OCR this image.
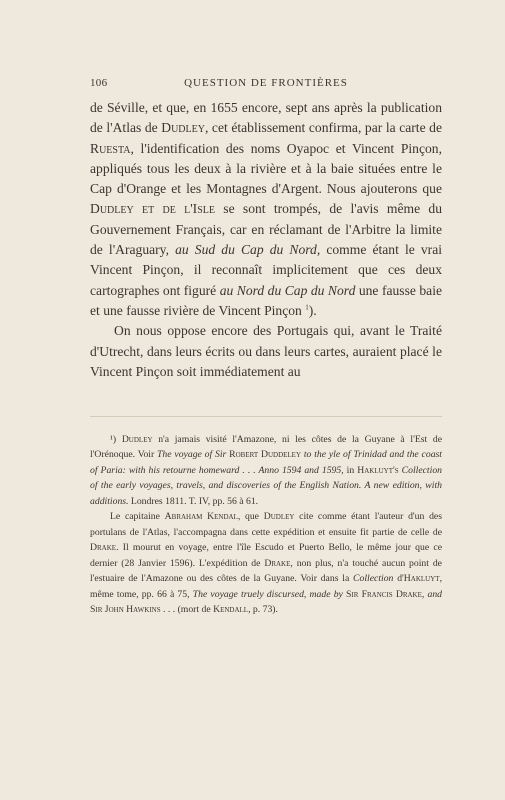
106	QUESTION DE FRONTIÈRES

de Séville, et que, en 1655 encore, sept ans après la publication de l'Atlas de Dudley, cet établissement confirma, par la carte de Ruesta, l'identification des noms Oyapoc et Vincent Pinçon, appliqués tous les deux à la rivière et à la baie situées entre le Cap d'Orange et les Montagnes d'Argent. Nous ajouterons que Dudley et de l'Isle se sont trompés, de l'avis même du Gouvernement Français, car en réclamant de l'Arbitre la limite de l'Araguary, au Sud du Cap du Nord, comme étant le vrai Vincent Pinçon, il reconnaît implicitement que ces deux cartographes ont figuré au Nord du Cap du Nord une fausse baie et une fausse rivière de Vincent Pinçon $^1$).

On nous oppose encore des Portugais qui, avant le Traité d'Utrecht, dans leurs écrits ou dans leurs cartes, auraient placé le Vincent Pinçon soit immédiatement au

¹) Dudley n'a jamais visité l'Amazone, ni les côtes de la Guyane à l'Est de l'Orénoque. Voir The voyage of Sir Robert Duddeley to the yle of Trinidad and the coast of Paria: with his retourne homeward . . . Anno 1594 and 1595, in Hakluyt's Collection of the early voyages, travels, and discoveries of the English Nation. A new edition, with additions. Londres 1811. T. IV, pp. 56 à 61.

Le capitaine Abraham Kendal, que Dudley cite comme étant l'auteur d'un des portulans de l'Atlas, l'accompagna dans cette expédition et ensuite fit partie de celle de Drake. Il mourut en voyage, entre l'île Escudo et Puerto Bello, le même jour que ce dernier (28 Janvier 1596). L'expédition de Drake, non plus, n'a touché aucun point de l'estuaire de l'Amazone ou des côtes de la Guyane. Voir dans la Collection d'Hakluyt, même tome, pp. 66 à 75, The voyage truely discursed, made by Sir Francis Drake, and Sir John Hawkins . . . (mort de Kendall, p. 73).
